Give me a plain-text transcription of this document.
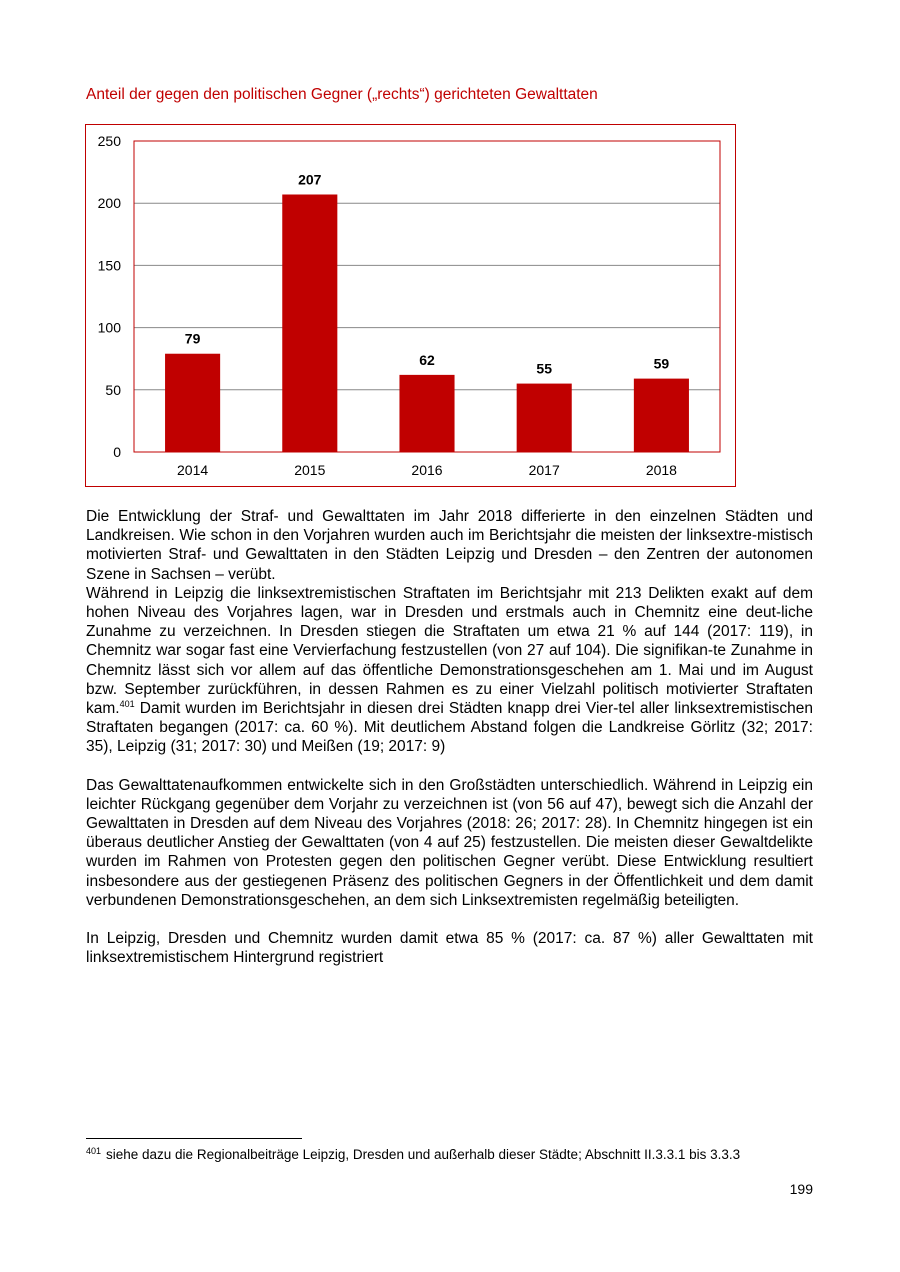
Anteil der gegen den politischen Gegner („rechts“) gerichteten Gewalttaten
0
50
100
150
200
250
79
2014
207
2015
62
2016
55
2017
59
2018

Die Entwicklung der Straf- und Gewalttaten im Jahr 2018 differierte in den einzelnen Städten und Landkreisen. Wie schon in den Vorjahren wurden auch im Berichtsjahr die meisten der linksextre-mistisch motivierten Straf- und Gewalttaten in den Städten Leipzig und Dresden – den Zentren der autonomen Szene in Sachsen – verübt.

Während in Leipzig die linksextremistischen Straftaten im Berichtsjahr mit 213 Delikten exakt auf dem hohen Niveau des Vorjahres lagen, war in Dresden und erstmals auch in Chemnitz eine deut-liche Zunahme zu verzeichnen. In Dresden stiegen die Straftaten um etwa 21 % auf 144 (2017: 119), in Chemnitz war sogar fast eine Vervierfachung festzustellen (von 27 auf 104). Die signifikan-te Zunahme in Chemnitz lässt sich vor allem auf das öffentliche Demonstrationsgeschehen am 1. Mai und im August bzw. September zurückführen, in dessen Rahmen es zu einer Vielzahl politisch motivierter Straftaten kam.$^{401}$ Damit wurden im Berichtsjahr in diesen drei Städten knapp drei Vier-tel aller linksextremistischen Straftaten begangen (2017: ca. 60 %). Mit deutlichem Abstand folgen die Landkreise Görlitz (32; 2017: 35), Leipzig (31; 2017: 30) und Meißen (19; 2017: 9)

Das Gewalttatenaufkommen entwickelte sich in den Großstädten unterschiedlich. Während in Leipzig ein leichter Rückgang gegenüber dem Vorjahr zu verzeichnen ist (von 56 auf 47), bewegt sich die Anzahl der Gewalttaten in Dresden auf dem Niveau des Vorjahres (2018: 26; 2017: 28). In Chemnitz hingegen ist ein überaus deutlicher Anstieg der Gewalttaten (von 4 auf 25) festzustellen. Die meisten dieser Gewaltdelikte wurden im Rahmen von Protesten gegen den politischen Gegner verübt. Diese Entwicklung resultiert insbesondere aus der gestiegenen Präsenz des politischen Gegners in der Öffentlichkeit und dem damit verbundenen Demonstrationsgeschehen, an dem sich Linksextremisten regelmäßig beteiligten.

In Leipzig, Dresden und Chemnitz wurden damit etwa 85 % (2017: ca. 87 %) aller Gewalttaten mit linksextremistischem Hintergrund registriert

401 siehe dazu die Regionalbeiträge Leipzig, Dresden und außerhalb dieser Städte; Abschnitt II.3.3.1 bis 3.3.3
199
